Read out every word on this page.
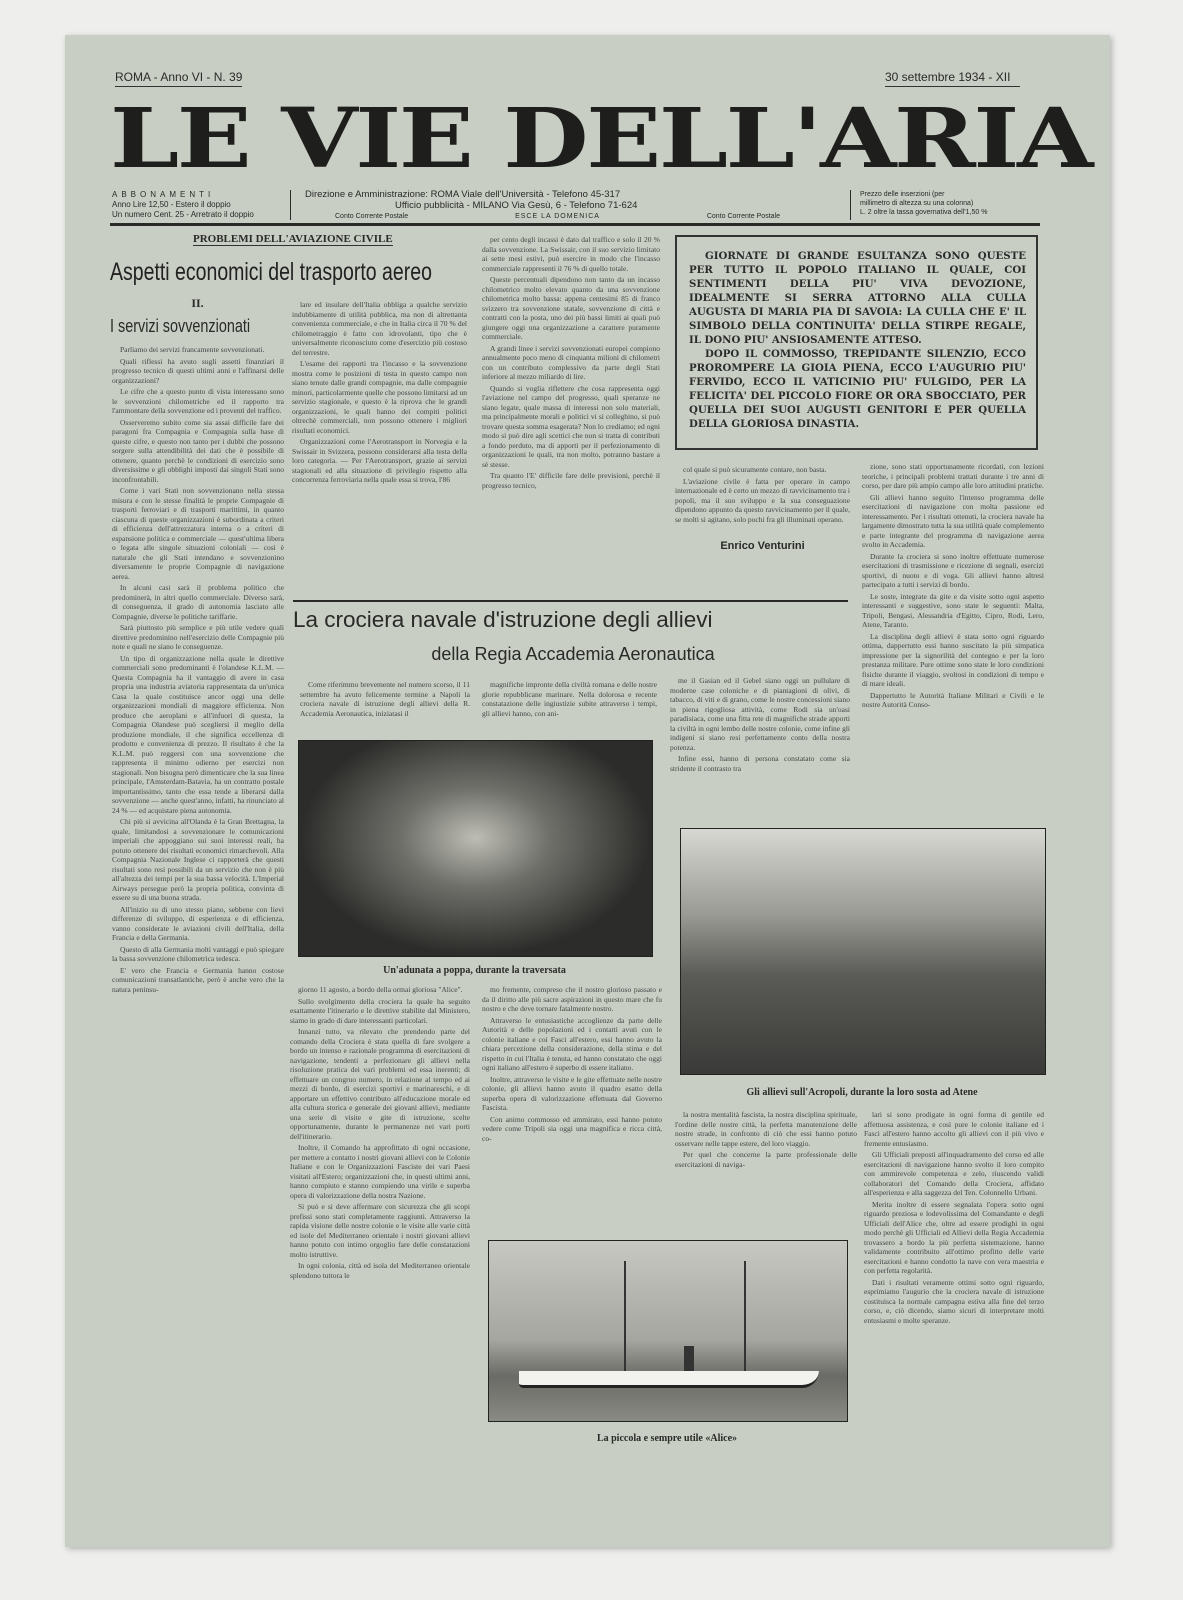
ROMA - Anno VI - N. 39	30 settembre 1934 - XII
LE VIE DELL'ARIA
ABBONAMENTI
Anno Lire 12,50 - Estero il doppio
Un numero Cent. 25 - Arretrato il doppio
Direzione e Amministrazione: ROMA Viale dell'Università - Telefono 45-317
Ufficio pubblicità - MILANO Via Gesù, 6 - Telefono 71-624
Conto Corrente Postale	ESCE LA DOMENICA	Conto Corrente Postale
Prezzo delle inserzioni (per
millimetro di altezza su una colonna)
L. 2 oltre la tassa governativa dell'1,50 %
PROBLEMI DELL'AVIAZIONE CIVILE
Aspetti economici del trasporto aereo
II.
I servizi sovvenzionati

Parliamo dei servizi francamente sovvenzionati.

Quali riflessi ha avuto sugli assetti finanziari il progresso tecnico di questi ultimi anni e l'affinarsi delle organizzazioni?

Le cifre che a questo punto di vista interessano sono le sovvenzioni chilometriche ed il rapporto tra l'ammontare della sovvenzione ed i proventi del traffico.

Osserveremo subito come sia assai difficile fare dei paragoni fra Compagnia e Compagnia sulla base di queste cifre, e questo non tanto per i dubbi che possono sorgere sulla attendibilità dei dati che è possibile di ottenere, quanto perchè le condizioni di esercizio sono diversissime e gli obblighi imposti dai singoli Stati sono inconfrontabili.

Come i vari Stati non sovvenzionano nella stessa misura e con le stesse finalità le proprie Compagnie di trasporti ferroviari e di trasporti marittimi, in quanto ciascuna di queste organizzazioni è subordinata a criteri di efficienza dell'attrezzatura interna o a criteri di espansione politica e commerciale — quest'ultima libera o legata alle singole situazioni coloniali — così è naturale che gli Stati intendano e sovvenzionino diversamente le proprie Compagnie di navigazione aerea.

In alcuni casi sarà il problema politico che predominerà, in altri quello commerciale. Diverso sarà, di conseguenza, il grado di autonomia lasciato alle Compagnie, diverse le politiche tariffarie.

Sarà piuttosto più semplice e più utile vedere quali direttive predominino nell'esercizio delle Compagnie più note e quali ne siano le conseguenze.

Un tipo di organizzazione nella quale le direttive commerciali sono predominanti è l'olandese K.L.M. — Questa Compagnia ha il vantaggio di avere in casa propria una industria aviatoria rappresentata da un'unica Casa la quale costituisce ancor oggi una delle organizzazioni mondiali di maggiore efficienza. Non produce che aeroplani e all'infuori di questa, la Compagnia Olandese può scegliersi il meglio della produzione mondiale, il che significa eccellenza di prodotto e convenienza di prezzo. Il risultato è che la K.L.M. può reggersi con una sovvenzione che rappresenta il minimo odierno per esercizi non stagionali. Non bisogna però dimenticare che la sua linea principale, l'Amsterdam-Batavia, ha un contratto postale importantissimo, tanto che essa tende a liberarsi dalla sovvenzione — anche quest'anno, infatti, ha rinunciato al 24 % — ed acquistare piena autonomia.

Chi più si avvicina all'Olanda è la Gran Brettagna, la quale, limitandosi a sovvenzionare le comunicazioni imperiali che appoggiano sui suoi interessi reali, ha potuto ottenere dei risultati economici rimarchevoli. Alla Compagnia Nazionale Inglese ci rapporterà che questi risultati sono resi possibili da un servizio che non è più all'altezza dei tempi per la sua bassa velocità. L'Imperial Airways persegue però la propria politica, convinta di essere su di una buona strada.

All'inizio su di uno stesso piano, sebbene con lievi differenze di sviluppo, di esperienza e di efficienza, vanno considerate le aviazioni civili dell'Italia, della Francia e della Germania.

Questo di alla Germania molti vantaggi e può spiegare la bassa sovvenzione chilometrica tedesca.

E' vero che Francia e Germania hanno costose comunicazioni transatlantiche, però è anche vero che la natura peninsu-

lare ed insulare dell'Italia obbliga a qualche servizio indubbiamente di utilità pubblica, ma non di altrettanta convenienza commerciale, e che in Italia circa il 70 % del chilometraggio è fatto con idrovolanti, tipo che è universalmente riconosciuto come d'esercizio più costoso del terrestre.

L'esame dei rapporti tra l'incasso e la sovvenzione mostra come le posizioni di testa in questo campo non siano tenute dalle grandi compagnie, ma dalle compagnie minori, particolarmente quelle che possono limitarsi ad un servizio stagionale, e questo è la riprova che le grandi organizzazioni, le quali hanno dei compiti politici oltrechè commerciali, non possono ottenere i migliori risultati economici.

Organizzazioni come l'Aerotransport in Norvegia e la Swissair in Svizzera, possono considerarsi alla testa della loro categoria. — Per l'Aerotransport, grazie ai servizi stagionali ed alla situazione di privilegio rispetto alla concorrenza ferroviaria nella quale essa si trova, l'86

per cento degli incassi è dato dal traffico e solo il 20 % dalla sovvenzione. La Swissair, con il suo servizio limitato ai sette mesi estivi, può esercire in modo che l'incasso commerciale rappresenti il 76 % di quello totale.

Queste percentuali dipendono non tanto da un incasso chilometrico molto elevato quanto da una sovvenzione chilometrica molto bassa: appena centesimi 85 di franco svizzero tra sovvenzione statale, sovvenzione di città e contratti con la posta, uno dei più bassi limiti ai quali può giungere oggi una organizzazione a carattere puramente commerciale.

A grandi linee i servizi sovvenzionati europei compiono annualmente poco meno di cinquanta milioni di chilometri con un contributo complessivo da parte degli Stati inferiore al mezzo miliardo di lire.

Quando si voglia riflettere che cosa rappresenta oggi l'aviazione nel campo del progresso, quali speranze ne siano legate, quale massa di interessi non solo materiali, ma principalmente morali e politici vi si colleghino, si può trovare questa somma esagerata? Non lo crediamo; ed ogni modo si può dire agli scettici che non si tratta di contributi a fondo perduto, ma di apporti per il perfezionamento di organizzazioni le quali, tra non molto, potranno bastare a sè stesse.

Tra quanto l'E' difficile fare delle previsioni, perchè il progresso tecnico,

col quale si può sicuramente contare, non basta.

L'aviazione civile è fatta per operare in campo internazionale ed è certo un mezzo di ravvicinamento tra i popoli, ma il suo sviluppo e la sua conseguazione dipendono appunto da questo ravvicinamento per il quale, se molti si agitano, solo pochi fra gli illuminati operano.

Enrico Venturini

GIORNATE DI GRANDE ESULTANZA SONO QUESTE PER TUTTO IL POPOLO ITALIANO IL QUALE, COI SENTIMENTI DELLA PIU' VIVA DEVOZIONE, IDEALMENTE SI SERRA ATTORNO ALLA CULLA AUGUSTA DI MARIA PIA DI SAVOIA: LA CULLA CHE E' IL SIMBOLO DELLA CONTINUITA' DELLA STIRPE REGALE, IL DONO PIU' ANSIOSAMENTE ATTESO.

DOPO IL COMMOSSO, TREPIDANTE SILENZIO, ECCO PROROMPERE LA GIOIA PIENA, ECCO L'AUGURIO PIU' FERVIDO, ECCO IL VATICINIO PIU' FULGIDO, PER LA FELICITA' DEL PICCOLO FIORE OR ORA SBOCCIATO, PER QUELLA DEI SUOI AUGUSTI GENITORI E PER QUELLA DELLA GLORIOSA DINASTIA.

La crociera navale d'istruzione degli allievi
della Regia Accademia Aeronautica

Come riferimmo brevemente nel numero scorso, il 11 settembre ha avuto felicemente termine a Napoli la crociera navale di istruzione degli allievi della R. Accademia Aeronautica, iniziatasi il

magnifiche impronte della civiltà romana e delle nostre glorie repubblicane marinare. Nella dolorosa e recente constatazione delle ingiustizie subite attraverso i tempi, gli allievi hanno, con ani-

me il Gasian ed il Gebel siano oggi un pullulare di moderne case coloniche e di piantagioni di olivi, di tabacco, di viti e di grano, come le nostre concessioni siano in piena rigogliosa attività, come Rodi sia un'oasi paradisiaca, come una fitta rete di magnifiche strade apporti la civiltà in ogni lembo delle nostre colonie, come infine gli indigeni si siano resi perfettamente conto della nostra potenza.

Infine essi, hanno di persona constatato come sia stridente il contrasto tra

zione, sono stati opportunamente ricordati, con lezioni teoriche, i principali problemi trattati durante i tre anni di corso, per dare più ampio campo alle loro attitudini pratiche.

Gli allievi hanno seguito l'intenso programma delle esercitazioni di navigazione con molta passione ed interessamento. Per i risultati ottenuti, la crociera navale ha largamente dimostrato tutta la sua utilità quale complemento e parte integrante del programma di navigazione aerea svolto in Accademia.

Durante la crociera si sono inoltre effettuate numerose esercitazioni di trasmissione e ricezione di segnali, esercizi sportivi, di nuoto e di voga. Gli allievi hanno altresì partecipato a tutti i servizi di bordo.

Le soste, integrate da gite e da visite sotto ogni aspetto interessanti e suggestive, sono state le seguenti: Malta, Tripoli, Bengasi, Alessandria d'Egitto, Cipro, Rodi, Lero, Atene, Taranto.

La disciplina degli allievi è stata sotto ogni riguardo ottima, dappertutto essi hanno suscitato la più simpatica impressione per la signorilità del contegno e per la loro prestanza militare. Pure ottime sono state le loro condizioni fisiche durante il viaggio, svoltosi in condizioni di tempo e di mare ideali.

Dappertutto le Autorità Italiane Militari e Civili e le nostre Autorità Conso-

Un'adunata a poppa, durante la traversata
Gli allievi sull'Acropoli, durante la loro sosta ad Atene

giorno 11 agosto, a bordo della ormai gloriosa "Alice".

Sullo svolgimento della crociera la quale ha seguito esattamente l'itinerario e le direttive stabilite dal Ministero, siamo in grado di dare interessanti particolari.

Innanzi tutto, va rilevato che prendendo parte del comando della Crociera è stata quella di fare svolgere a bordo un intenso e razionale programma di esercitazioni di navigazione, tendenti a perfezionare gli allievi nella risoluzione pratica dei vari problemi ed essa inerenti; di effettuare un congruo numero, in relazione al tempo ed ai mezzi di bordo, di esercizi sportivi e marinareschi, e di apportare un effettivo contributo all'educazione morale ed alla cultura storica e generale dei giovani allievi, mediante una serie di visite e gite di istruzione, scelte opportunamente, durante le permanenze nei vari porti dell'itinerario.

Inoltre, il Comando ha approfittato di ogni occasione, per mettere a contatto i nostri giovani allievi con le Colonie Italiane e con le Organizzazioni Fasciste dei vari Paesi visitati all'Estero; organizzazioni che, in questi ultimi anni, hanno compiuto e stanno compiendo una virile e superba opera di valorizzazione della nostra Nazione.

Si può e si deve affermare con sicurezza che gli scopi prefissi sono stati completamente raggiunti. Attraverso la rapida visione delle nostre colonie e le visite alle varie città ed isole del Mediterraneo orientale i nostri giovani allievi hanno potuto con intimo orgoglio fare delle constatazioni molto istruttive.

In ogni colonia, città ed isola del Mediterraneo orientale splendono tuttora le

mo fremente, compreso che il nostro glorioso passato e da il diritto alle più sacre aspirazioni in questo mare che fu nostro e che deve tornare fatalmente nostro.

Attraverso le entusiastiche accoglienze da parte delle Autorità e delle popolazioni ed i contatti avuti con le colonie italiane e coi Fasci all'estero, essi hanno avuto la chiara percezione della considerazione, della stima e del rispetto in cui l'Italia è tenuta, ed hanno constatato che oggi ogni italiano all'estero è superbo di essere italiano.

Inoltre, attraverso le visite e le gite effettuate nelle nostre colonie, gli allievi hanno avuto il quadro esatto della superba opera di valorizzazione effettuata dal Governo Fascista.

Con animo commosso ed ammirato, essi hanno potuto vedere come Tripoli sia oggi una magnifica e ricca città, co-

la nostra mentalità fascista, la nostra disciplina spirituale, l'ordine delle nostre città, la perfetta manutenzione delle nostre strade, in confronto di ciò che essi hanno potuto osservare nelle tappe estere, del loro viaggio.

Per quel che concerne la parte professionale delle esercitazioni di naviga-

lari si sono prodigate in ogni forma di gentile ed affettuosa assistenza, e così pure le colonie italiane ed i Fasci all'estero hanno accolto gli allievi con il più vivo e fremente entusiasmo.

Gli Ufficiali preposti all'inquadramento del corso ed alle esercitazioni di navigazione hanno svolto il loro compito con ammirevole competenza e zelo, riuscendo validi collaboratori del Comando della Crociera, affidato all'esperienza e alla saggezza del Ten. Colonnello Urbani.

Merita inoltre di essere segnalata l'opera sotto ogni riguardo preziosa e lodevolissima del Comandante e degli Ufficiali dell'Alice che, oltre ad essere prodighi in ogni modo perchè gli Ufficiali ed Allievi della Regia Accademia trovassero a bordo la più perfetta sistemazione, hanno validamente contribuito all'ottimo profitto delle varie esercitazioni e hanno condotto la nave con vera maestria e con perfetta regolarità.

Dati i risultati veramente ottimi sotto ogni riguardo, esprimiamo l'augurio che la crociera navale di istruzione costituisca la normale campagna estiva alla fine del terzo corso, e, ciò dicendo, siamo sicuri di interpretare molti entusiasmi e molte speranze.

La piccola e sempre utile «Alice»
